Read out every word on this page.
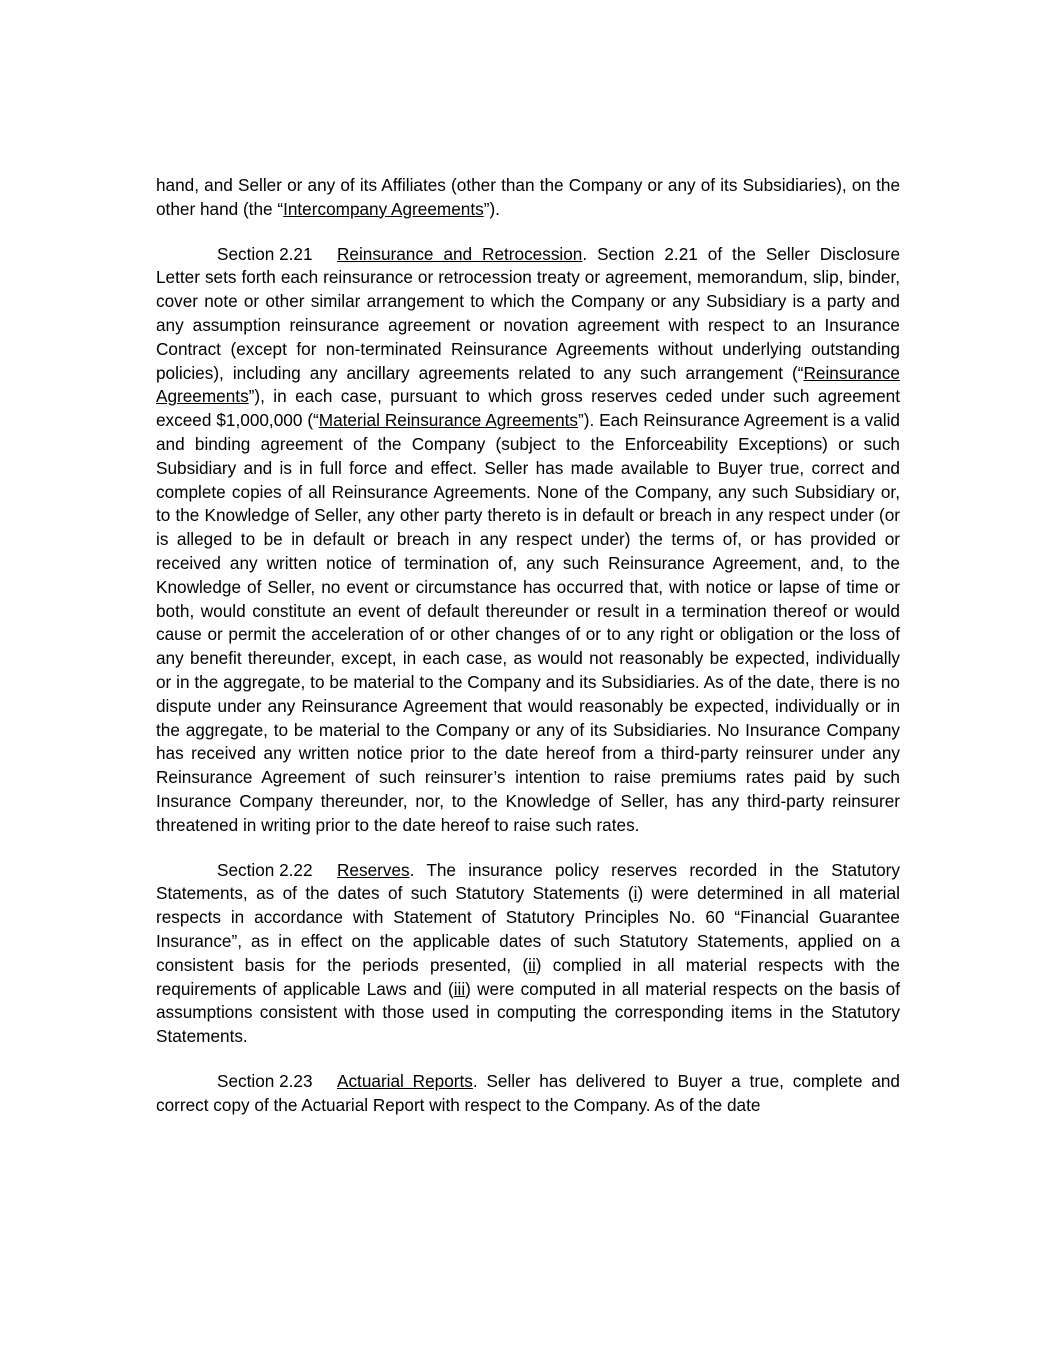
hand, and Seller or any of its Affiliates (other than the Company or any of its Subsidiaries), on the other hand (the “Intercompany Agreements”).

Section 2.21 Reinsurance and Retrocession. Section 2.21 of the Seller Disclosure Letter sets forth each reinsurance or retrocession treaty or agreement, memorandum, slip, binder, cover note or other similar arrangement to which the Company or any Subsidiary is a party and any assumption reinsurance agreement or novation agreement with respect to an Insurance Contract (except for non-terminated Reinsurance Agreements without underlying outstanding policies), including any ancillary agreements related to any such arrangement (“Reinsurance Agreements”), in each case, pursuant to which gross reserves ceded under such agreement exceed $1,000,000 (“Material Reinsurance Agreements”). Each Reinsurance Agreement is a valid and binding agreement of the Company (subject to the Enforceability Exceptions) or such Subsidiary and is in full force and effect. Seller has made available to Buyer true, correct and complete copies of all Reinsurance Agreements. None of the Company, any such Subsidiary or, to the Knowledge of Seller, any other party thereto is in default or breach in any respect under (or is alleged to be in default or breach in any respect under) the terms of, or has provided or received any written notice of termination of, any such Reinsurance Agreement, and, to the Knowledge of Seller, no event or circumstance has occurred that, with notice or lapse of time or both, would constitute an event of default thereunder or result in a termination thereof or would cause or permit the acceleration of or other changes of or to any right or obligation or the loss of any benefit thereunder, except, in each case, as would not reasonably be expected, individually or in the aggregate, to be material to the Company and its Subsidiaries. As of the date, there is no dispute under any Reinsurance Agreement that would reasonably be expected, individually or in the aggregate, to be material to the Company or any of its Subsidiaries. No Insurance Company has received any written notice prior to the date hereof from a third-party reinsurer under any Reinsurance Agreement of such reinsurer’s intention to raise premiums rates paid by such Insurance Company thereunder, nor, to the Knowledge of Seller, has any third-party reinsurer threatened in writing prior to the date hereof to raise such rates.

Section 2.22 Reserves. The insurance policy reserves recorded in the Statutory Statements, as of the dates of such Statutory Statements (i) were determined in all material respects in accordance with Statement of Statutory Principles No. 60 “Financial Guarantee Insurance”, as in effect on the applicable dates of such Statutory Statements, applied on a consistent basis for the periods presented, (ii) complied in all material respects with the requirements of applicable Laws and (iii) were computed in all material respects on the basis of assumptions consistent with those used in computing the corresponding items in the Statutory Statements.

Section 2.23 Actuarial Reports. Seller has delivered to Buyer a true, complete and correct copy of the Actuarial Report with respect to the Company. As of the date
